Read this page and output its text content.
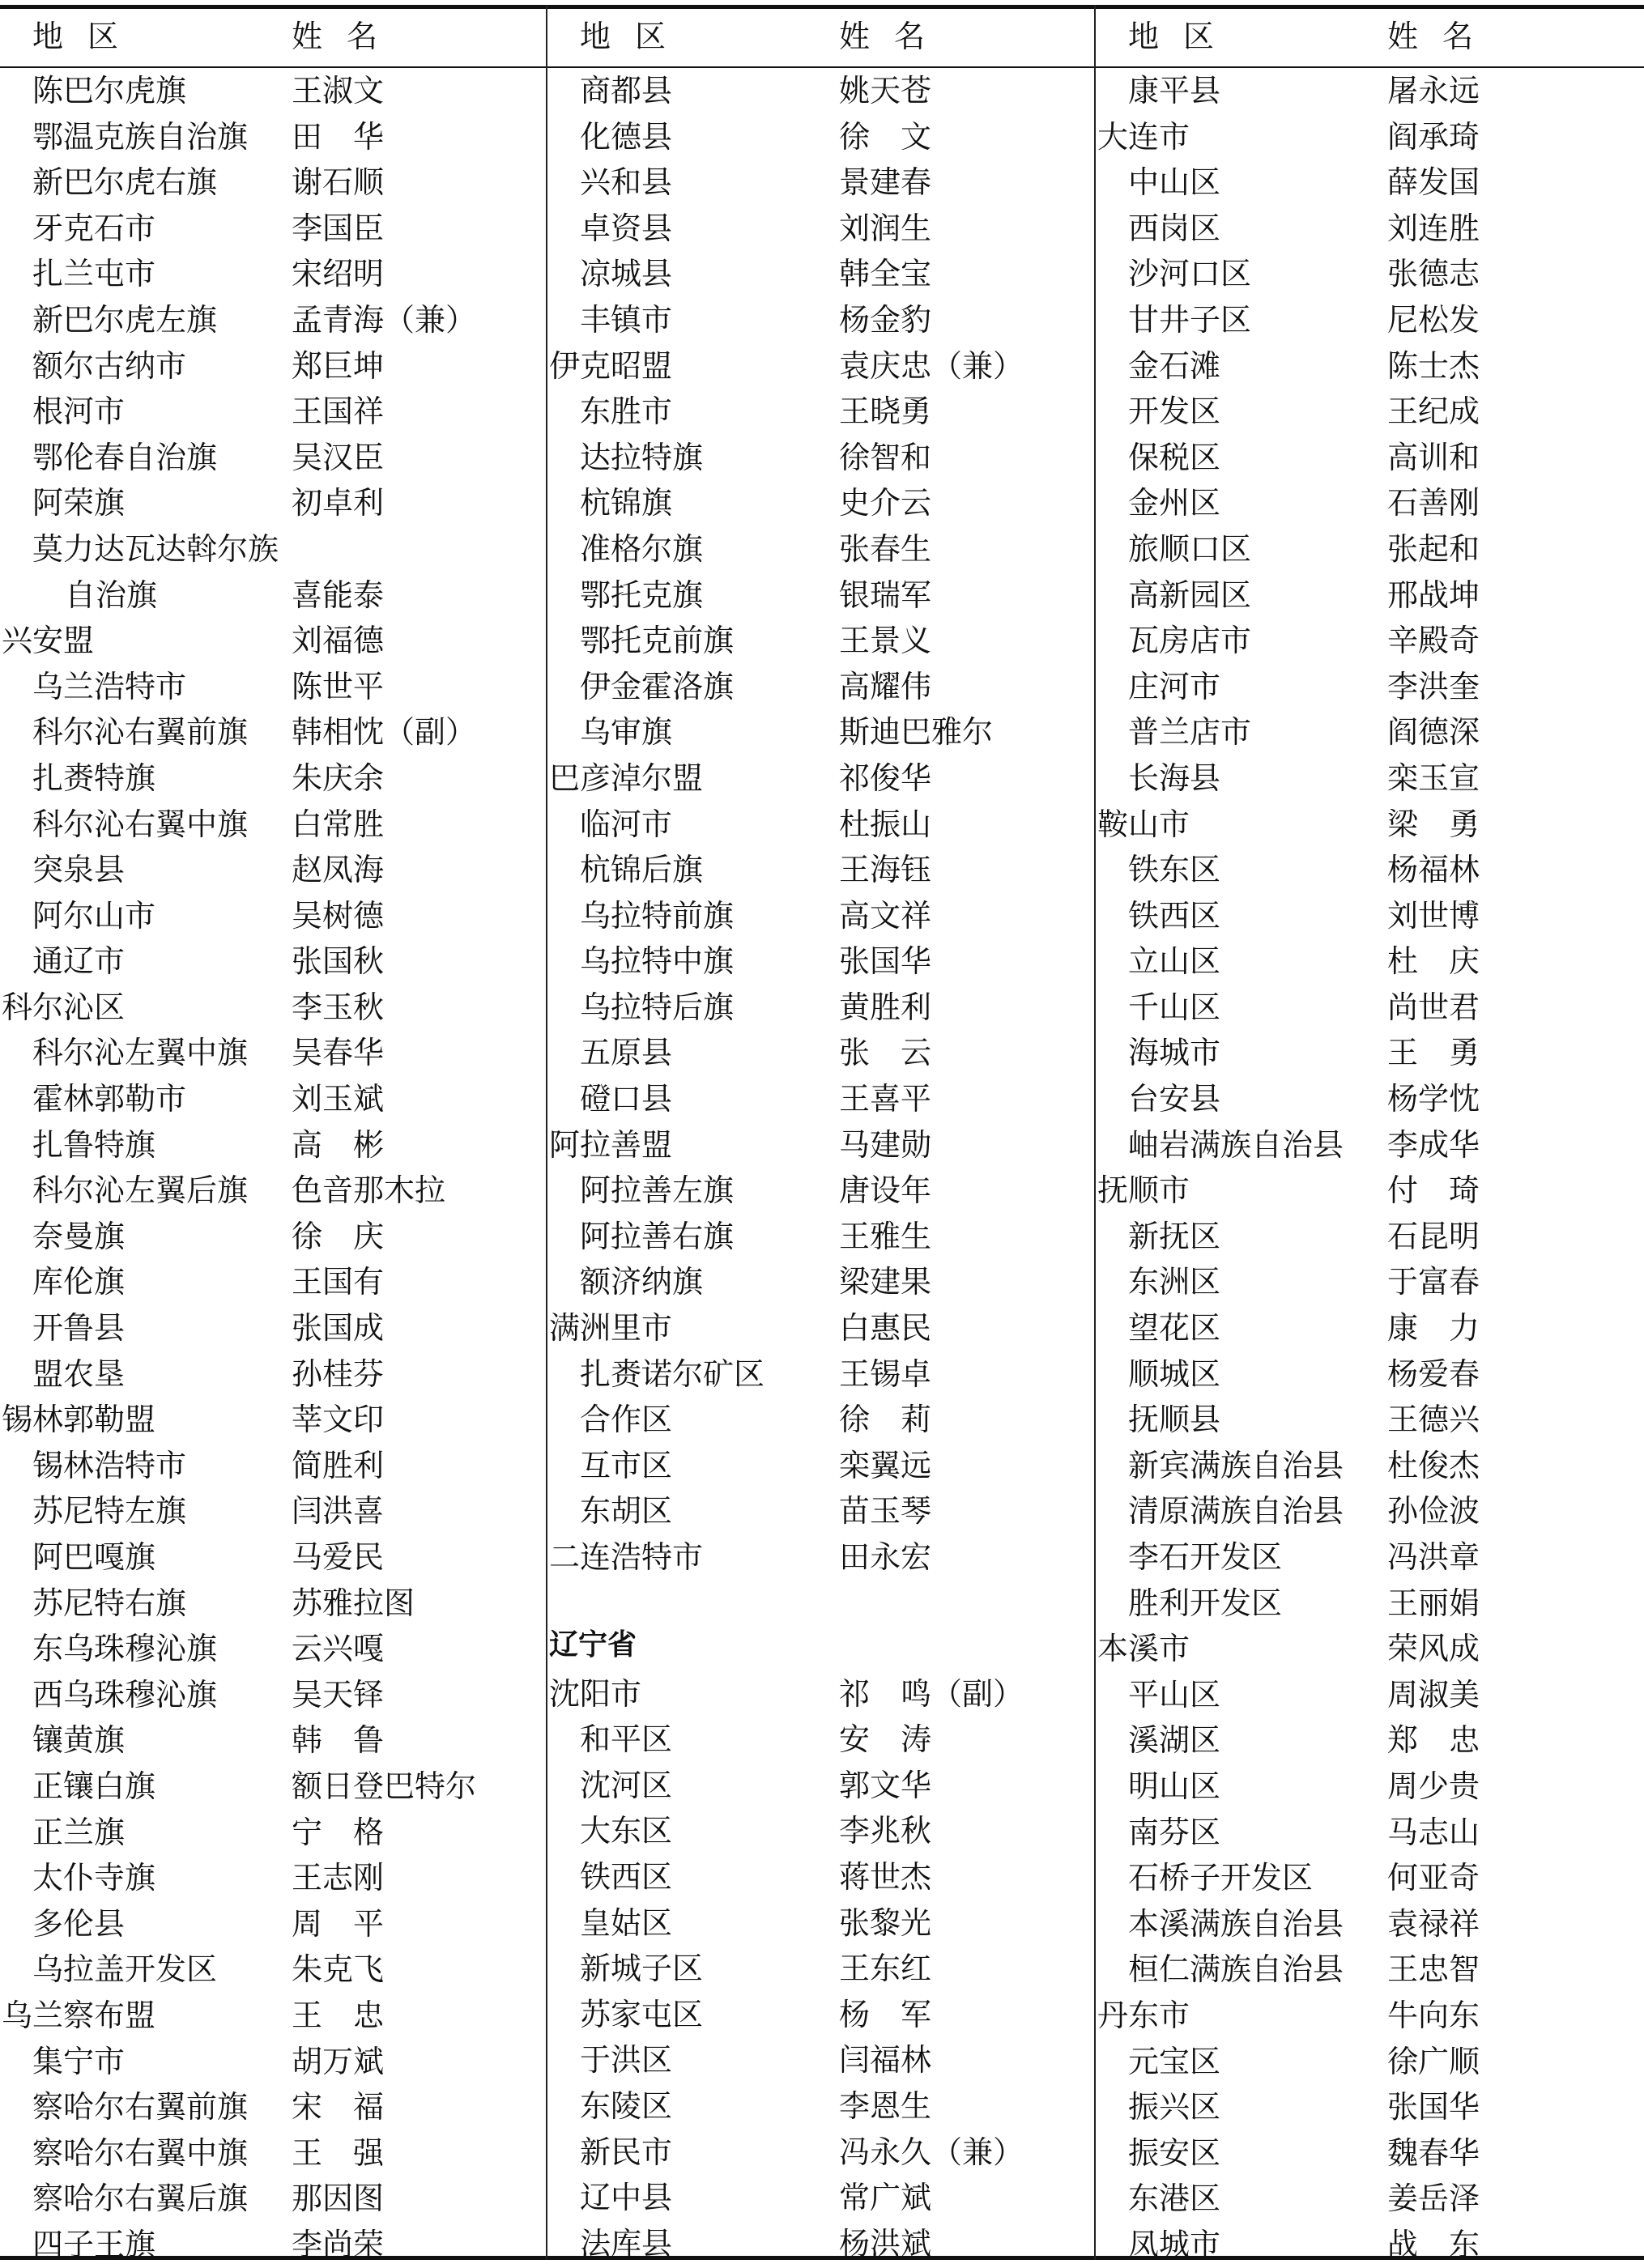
地区	姓名
陈巴尔虎旗	王淑文
鄂温克族自治旗 田　华
新巴尔虎右旗 谢石顺
牙克石市	李国臣
扎兰屯市	宋绍明
新巴尔虎左旗 孟青海（兼）
额尔古纳市	郑巨坤
根河市	王国祥
鄂伦春自治旗 吴汉臣
阿荣旗	初卓利
莫力达瓦达斡尔族
自治旗	喜能泰
兴安盟	刘福德
乌兰浩特市	陈世平
科尔沁右翼前旗 韩相忱（副）
扎赉特旗	朱庆余
科尔沁右翼中旗 白常胜
突泉县	赵凤海
阿尔山市	吴树德
通辽市	张国秋
科尔沁区	李玉秋
科尔沁左翼中旗 吴春华
霍林郭勒市	刘玉斌
扎鲁特旗	高　彬
科尔沁左翼后旗 色音那木拉
奈曼旗	徐　庆
库伦旗	王国有
开鲁县	张国成
盟农垦	孙桂芬
锡林郭勒盟	莘文印
锡林浩特市	简胜利
苏尼特左旗	闫洪喜
阿巴嘎旗	马爱民
苏尼特右旗	苏雅拉图
东乌珠穆沁旗 云兴嘎
西乌珠穆沁旗 吴天铎
镶黄旗	韩　鲁
正镶白旗	额日登巴特尔
正兰旗	宁　格
太仆寺旗	王志刚
多伦县	周　平
乌拉盖开发区 朱克飞
乌兰察布盟	王　忠
集宁市	胡万斌
察哈尔右翼前旗 宋　福
察哈尔右翼中旗 王　强
察哈尔右翼后旗 那因图
四子王旗	李尚荣
地区	姓名
商都县	姚天苍
化德县	徐　文
兴和县	景建春
卓资县	刘润生
凉城县	韩全宝
丰镇市	杨金豹
伊克昭盟	袁庆忠（兼）
东胜市	王晓勇
达拉特旗	徐智和
杭锦旗	史介云
准格尔旗	张春生
鄂托克旗	银瑞军
鄂托克前旗	王景义
伊金霍洛旗	高耀伟
乌审旗	斯迪巴雅尔
巴彦淖尔盟	祁俊华
临河市	杜振山
杭锦后旗	王海钰
乌拉特前旗	高文祥
乌拉特中旗	张国华
乌拉特后旗	黄胜利
五原县	张　云
磴口县	王喜平
阿拉善盟	马建勋
阿拉善左旗	唐设年
阿拉善右旗	王雅生
额济纳旗	梁建果
满洲里市	白惠民
扎赉诺尔矿区 王锡卓
合作区	徐　莉
互市区	栾翼远
东胡区	苗玉琴
二连浩特市	田永宏
辽宁省
沈阳市	祁　鸣（副）
和平区	安　涛
沈河区	郭文华
大东区	李兆秋
铁西区	蒋世杰
皇姑区	张黎光
新城子区	王东红
苏家屯区	杨　军
于洪区	闫福林
东陵区	李恩生
新民市	冯永久（兼）
辽中县	常广斌
法库县	杨洪斌
地区	姓名
康平县	屠永远
大连市	阎承琦
中山区	薛发国
西岗区	刘连胜
沙河口区	张德志
甘井子区	尼松发
金石滩	陈士杰
开发区	王纪成
保税区	高训和
金州区	石善刚
旅顺口区	张起和
高新园区	邢战坤
瓦房店市	辛殿奇
庄河市	李洪奎
普兰店市	阎德深
长海县	栾玉宣
鞍山市	梁　勇
铁东区	杨福林
铁西区	刘世博
立山区	杜　庆
千山区	尚世君
海城市	王　勇
台安县	杨学忱
岫岩满族自治县 李成华
抚顺市	付　琦
新抚区	石昆明
东洲区	于富春
望花区	康　力
顺城区	杨爱春
抚顺县	王德兴
新宾满族自治县 杜俊杰
清原满族自治县 孙俭波
李石开发区	冯洪章
胜利开发区	王丽娟
本溪市	荣风成
平山区	周淑美
溪湖区	郑　忠
明山区	周少贵
南芬区	马志山
石桥子开发区 何亚奇
本溪满族自治县 袁禄祥
桓仁满族自治县 王忠智
丹东市	牛向东
元宝区	徐广顺
振兴区	张国华
振安区	魏春华
东港区	姜岳泽
凤城市	战　东
